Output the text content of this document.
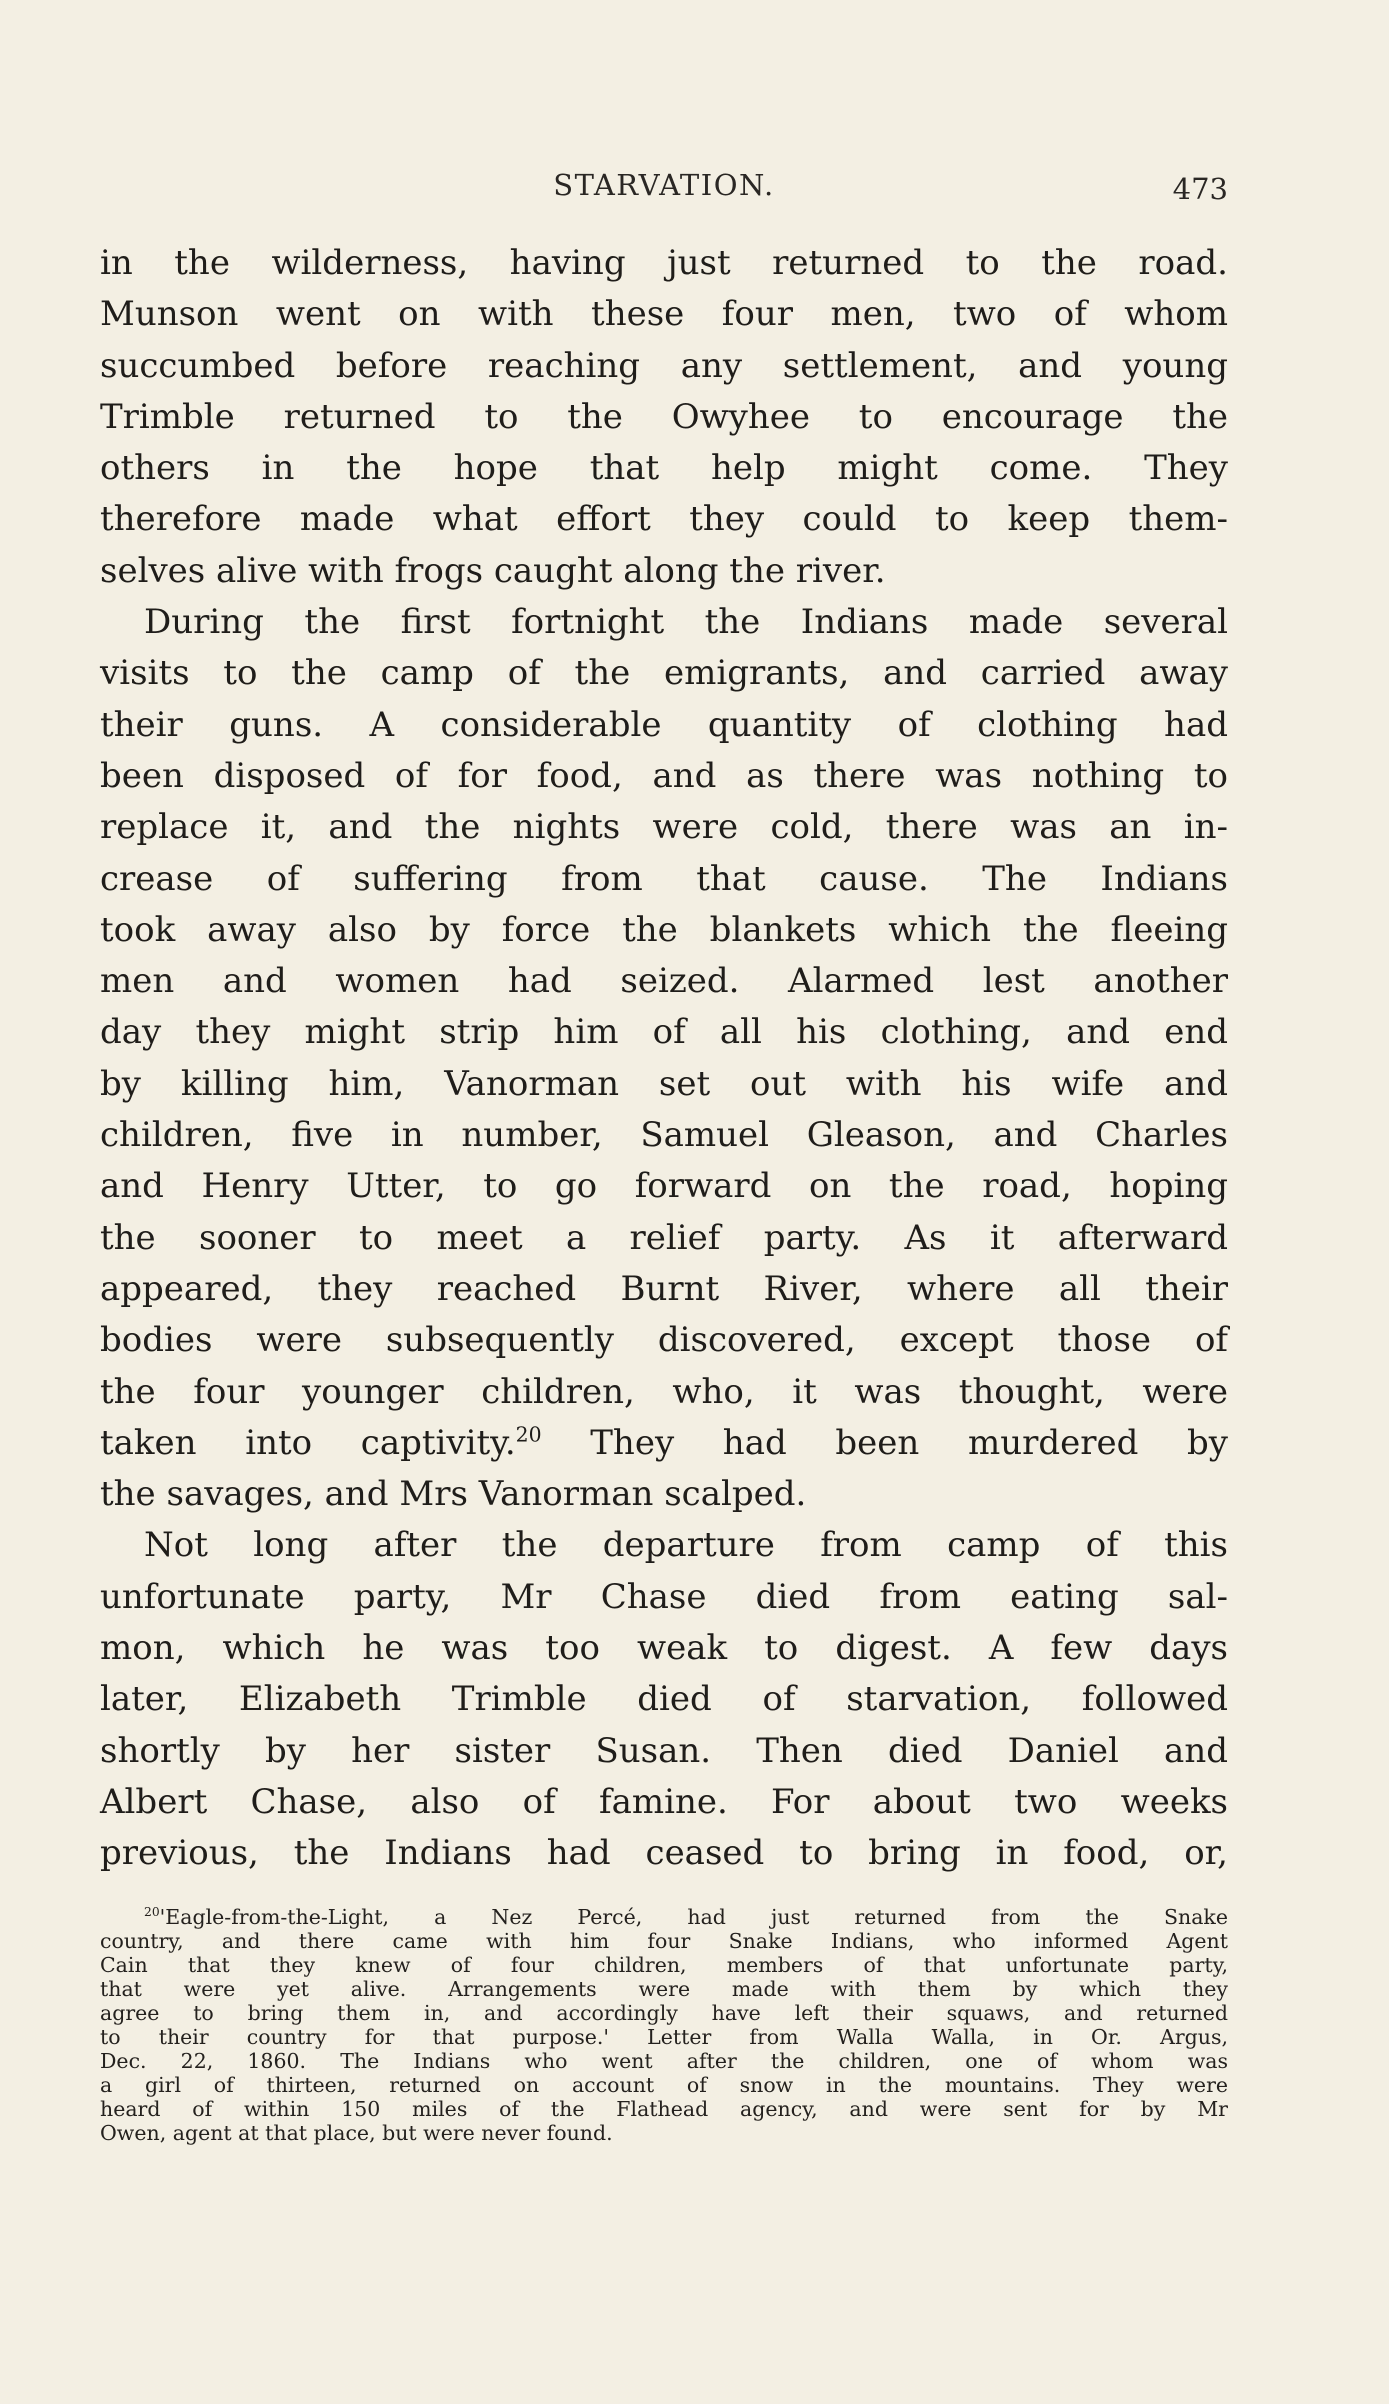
STARVATION.	473
in the wilderness, having just returned to the road.
Munson went on with these four men, two of whom
succumbed before reaching any settlement, and young
Trimble returned to the Owyhee to encourage the
others in the hope that help might come. They
therefore made what effort they could to keep them-
selves alive with frogs caught along the river.
During the first fortnight the Indians made several
visits to the camp of the emigrants, and carried away
their guns. A considerable quantity of clothing had
been disposed of for food, and as there was nothing to
replace it, and the nights were cold, there was an in-
crease of suffering from that cause. The Indians
took away also by force the blankets which the fleeing
men and women had seized. Alarmed lest another
day they might strip him of all his clothing, and end
by killing him, Vanorman set out with his wife and
children, five in number, Samuel Gleason, and Charles
and Henry Utter, to go forward on the road, hoping
the sooner to meet a relief party. As it afterward
appeared, they reached Burnt River, where all their
bodies were subsequently discovered, except those of
the four younger children, who, it was thought, were
taken into captivity.$^{20}$ They had been murdered by
the savages, and Mrs Vanorman scalped.
Not long after the departure from camp of this
unfortunate party, Mr Chase died from eating sal-
mon, which he was too weak to digest. A few days
later, Elizabeth Trimble died of starvation, followed
shortly by her sister Susan. Then died Daniel and
Albert Chase, also of famine. For about two weeks
previous, the Indians had ceased to bring in food, or,
$^{20}$'Eagle-from-the-Light, a Nez Percé, had just returned from the Snake
country, and there came with him four Snake Indians, who informed Agent
Cain that they knew of four children, members of that unfortunate party,
that were yet alive. Arrangements were made with them by which they
agree to bring them in, and accordingly have left their squaws, and returned
to their country for that purpose.' Letter from Walla Walla, in Or. Argus,
Dec. 22, 1860. The Indians who went after the children, one of whom was
a girl of thirteen, returned on account of snow in the mountains. They were
heard of within 150 miles of the Flathead agency, and were sent for by Mr
Owen, agent at that place, but were never found.
